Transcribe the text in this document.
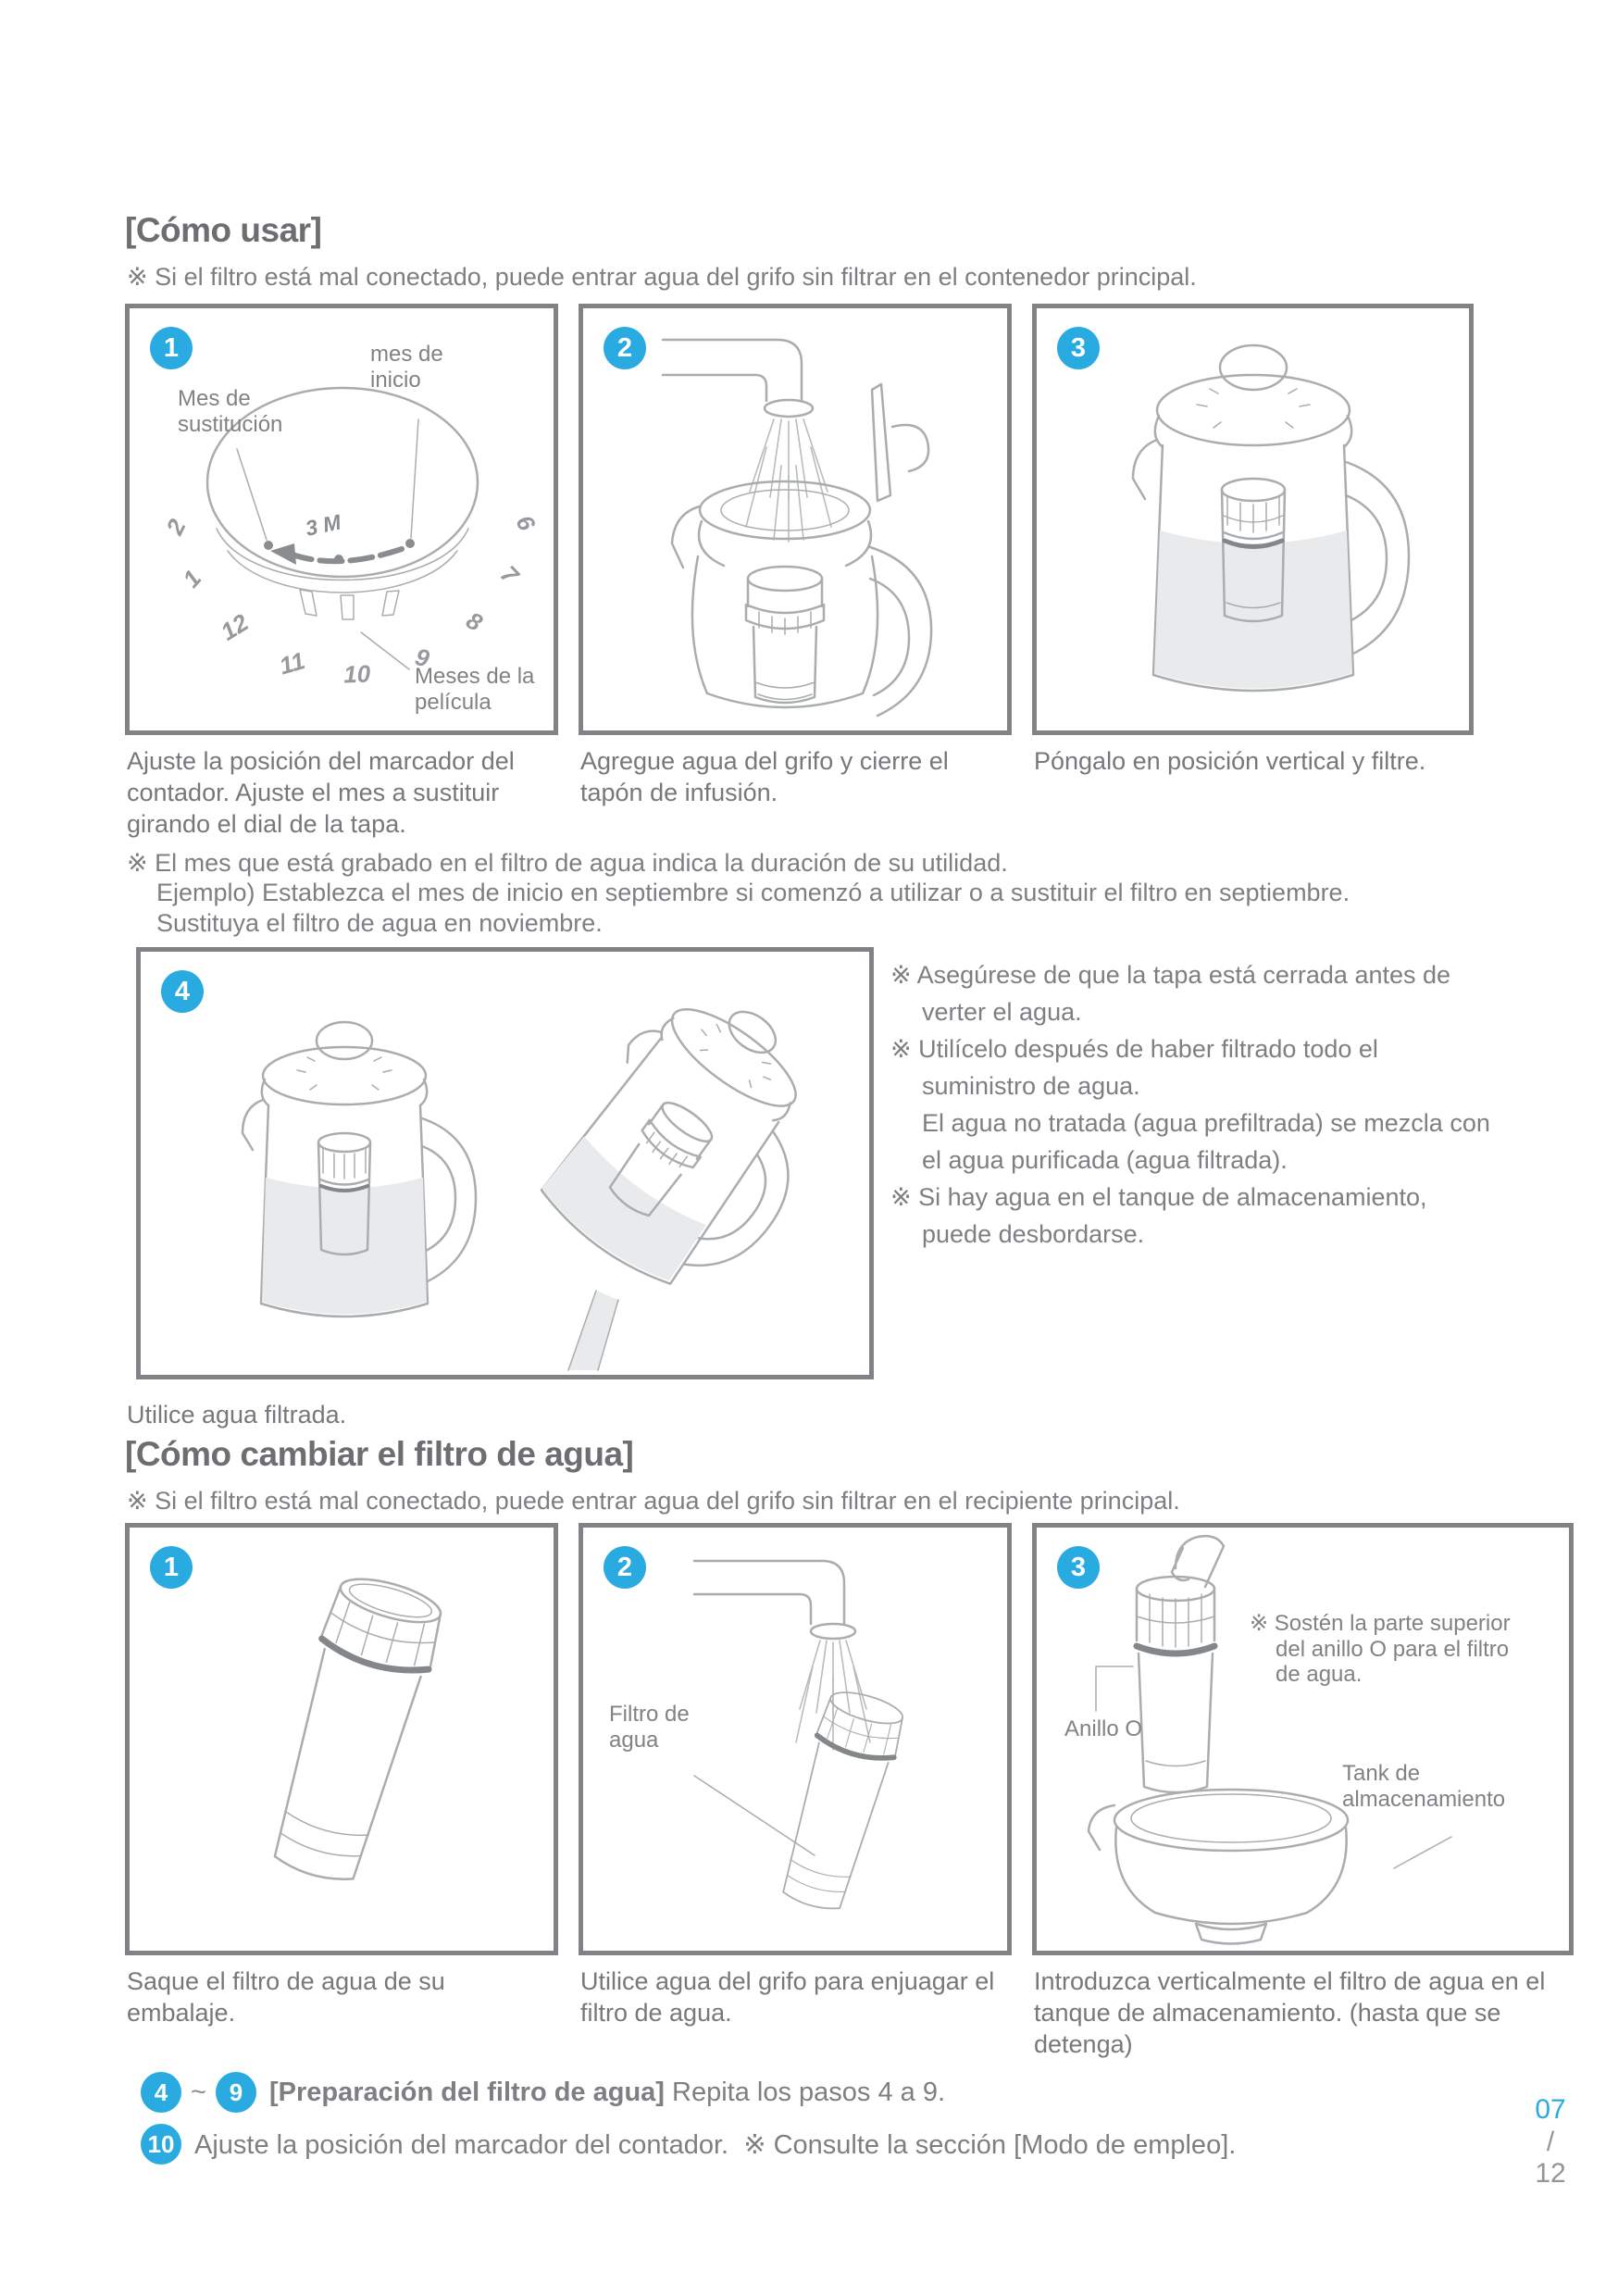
[Cómo usar]
※ Si el filtro está mal conectado, puede entrar agua del grifo sin filtrar en el contenedor principal.
3 M
2
1
12
11 10
9
8
7
6
Mes de sustitución
mes de inicio
Meses de la película
1	2	3
Ajuste la posición del marcador del contador. Ajuste el mes a sustituir girando el dial de la tapa.
Agregue agua del grifo y cierre el tapón de infusión.
Póngalo en posición vertical y filtre.
※ El mes que está grabado en el filtro de agua indica la duración de su utilidad.
Ejemplo) Establezca el mes de inicio en septiembre si comenzó a utilizar o a sustituir el filtro en septiembre.
Sustituya el filtro de agua en noviembre.
4
※ Asegúrese de que la tapa está cerrada antes de verter el agua.
※ Utilícelo después de haber filtrado todo el suministro de agua.
El agua no tratada (agua prefiltrada) se mezcla con el agua purificada (agua filtrada).
※ Si hay agua en el tanque de almacenamiento, puede desbordarse.
Utilice agua filtrada.
[Cómo cambiar el filtro de agua]
※ Si el filtro está mal conectado, puede entrar agua del grifo sin filtrar en el recipiente principal.
1
Filtro de agua
2
Anillo O
※ Sostén la parte superior del anillo O para el filtro de agua.
Tank de almacenamiento
3
Saque el filtro de agua de su embalaje.
Utilice agua del grifo para enjuagar el filtro de agua.
Introduzca verticalmente el filtro de agua en el tanque de almacenamiento. (hasta que se detenga)
4 ~ 9 [Preparación del filtro de agua] Repita los pasos 4 a 9.
10 Ajuste la posición del marcador del contador.  ※ Consulte la sección [Modo de empleo].
07
/
12
